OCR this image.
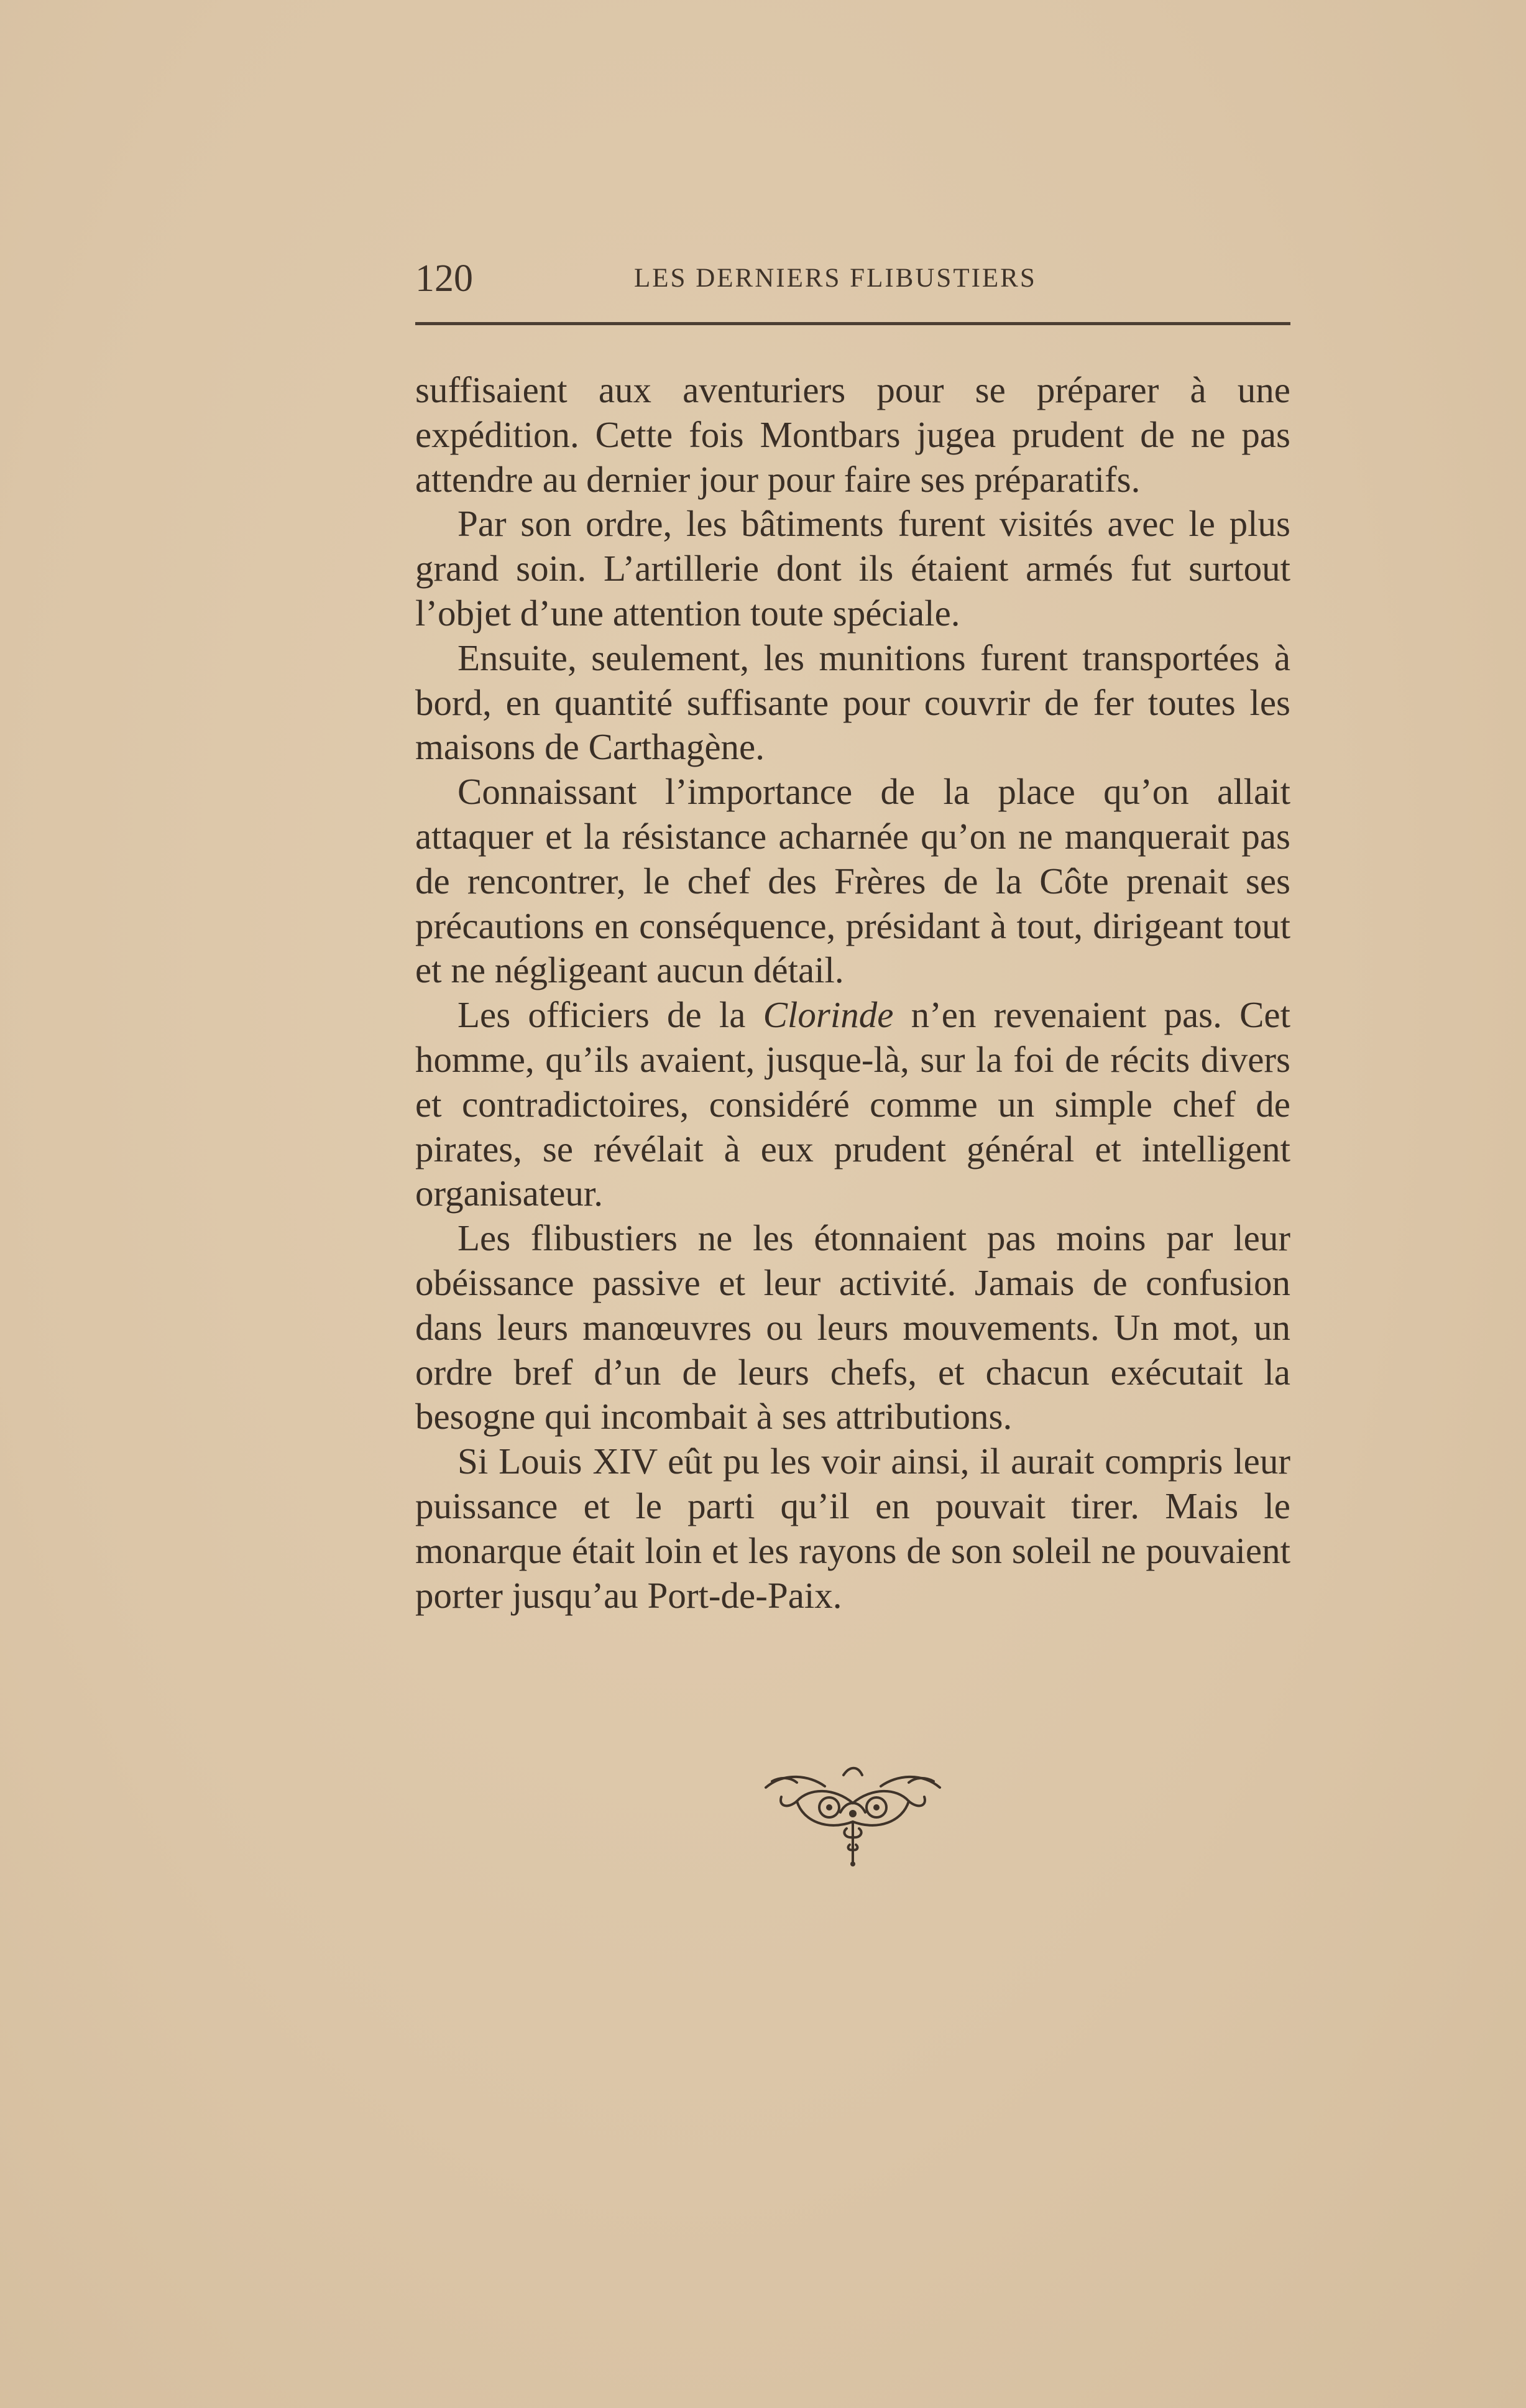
120	LES DERNIERS FLIBUSTIERS

suffisaient aux aventuriers pour se préparer à une expédition. Cette fois Montbars jugea prudent de ne pas attendre au dernier jour pour faire ses préparatifs.

Par son ordre, les bâtiments furent visités avec le plus grand soin. L’artillerie dont ils étaient armés fut surtout l’objet d’une attention toute spéciale.

Ensuite, seulement, les munitions furent transportées à bord, en quantité suffisante pour couvrir de fer toutes les maisons de Carthagène.

Connaissant l’importance de la place qu’on allait attaquer et la résistance acharnée qu’on ne manquerait pas de rencontrer, le chef des Frères de la Côte prenait ses précautions en conséquence, présidant à tout, dirigeant tout et ne négligeant aucun détail.

Les officiers de la Clorinde n’en revenaient pas. Cet homme, qu’ils avaient, jusque-là, sur la foi de récits divers et contradictoires, considéré comme un simple chef de pirates, se révélait à eux prudent général et intelligent organisateur.

Les flibustiers ne les étonnaient pas moins par leur obéissance passive et leur activité. Jamais de confusion dans leurs manœuvres ou leurs mouvements. Un mot, un ordre bref d’un de leurs chefs, et chacun exécutait la besogne qui incombait à ses attributions.

Si Louis XIV eût pu les voir ainsi, il aurait compris leur puissance et le parti qu’il en pouvait tirer. Mais le monarque était loin et les rayons de son soleil ne pouvaient porter jusqu’au Port-de-Paix.
